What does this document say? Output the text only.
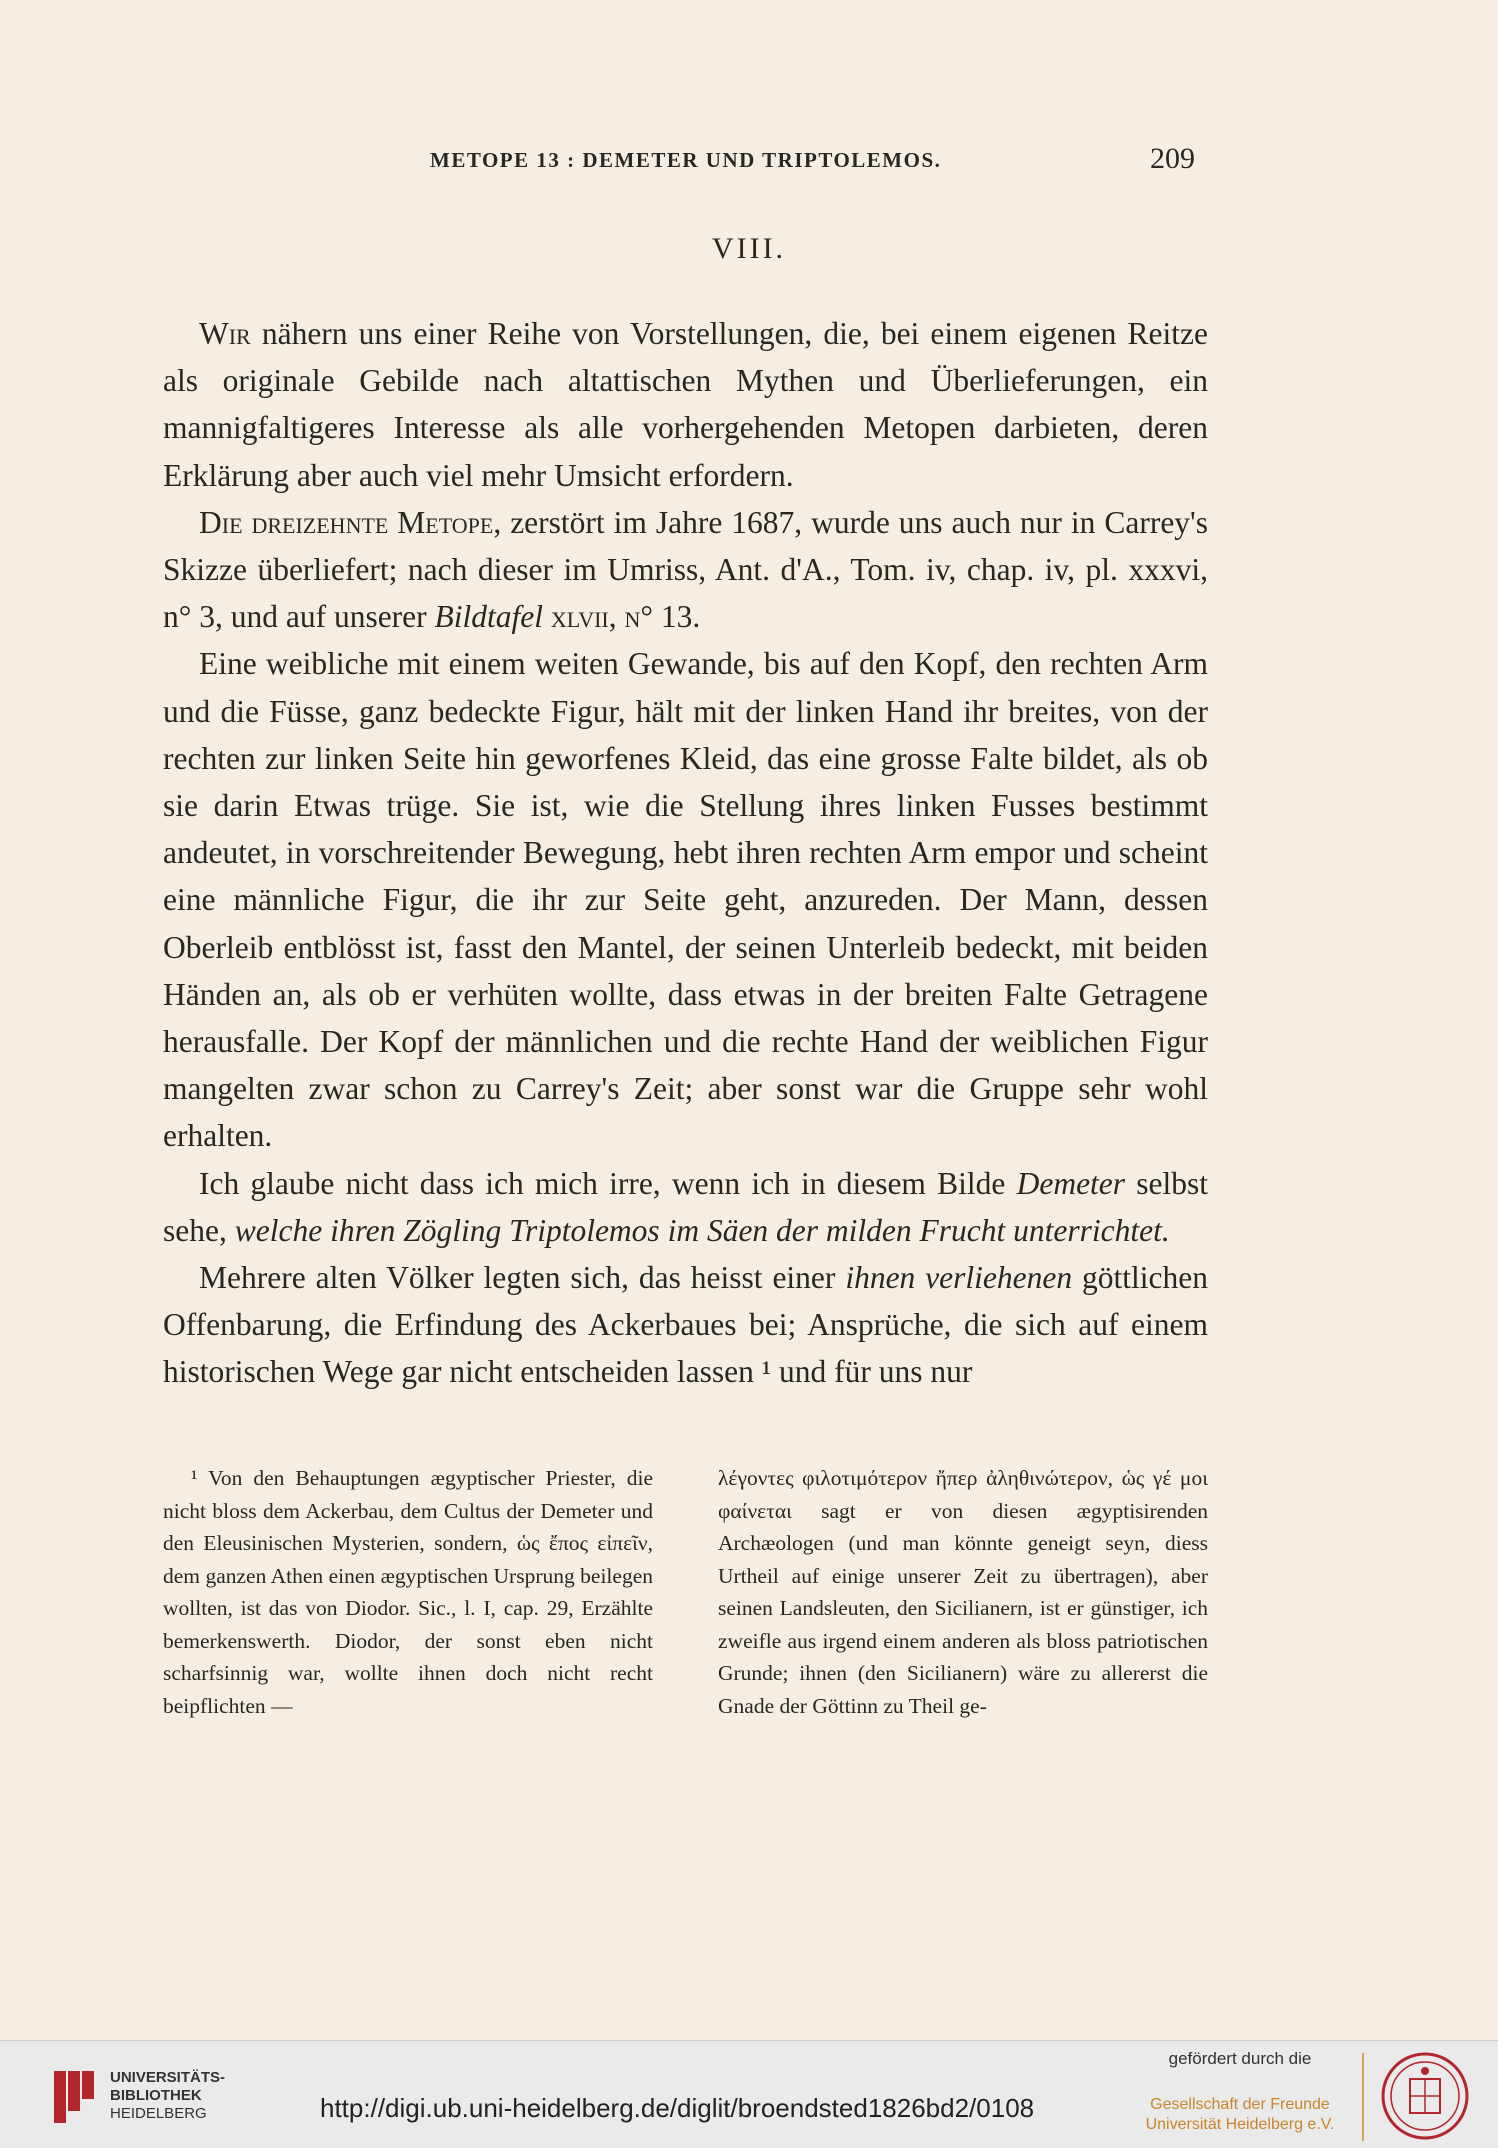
METOPE 13 : DEMETER UND TRIPTOLEMOS.	209
VIII.

Wir nähern uns einer Reihe von Vorstellungen, die, bei einem eigenen Reitze als originale Gebilde nach altattischen Mythen und Überlieferungen, ein mannigfaltigeres Interesse als alle vorhergehenden Metopen darbieten, deren Erklärung aber auch viel mehr Umsicht erfordern.

Die dreizehnte Metope, zerstört im Jahre 1687, wurde uns auch nur in Carrey's Skizze überliefert; nach dieser im Umriss, Ant. d'A., Tom. iv, chap. iv, pl. xxxvi, n° 3, und auf unserer Bildtafel xlvii, n° 13.

Eine weibliche mit einem weiten Gewande, bis auf den Kopf, den rechten Arm und die Füsse, ganz bedeckte Figur, hält mit der linken Hand ihr breites, von der rechten zur linken Seite hin geworfenes Kleid, das eine grosse Falte bildet, als ob sie darin Etwas trüge. Sie ist, wie die Stellung ihres linken Fusses bestimmt andeutet, in vorschreitender Bewegung, hebt ihren rechten Arm empor und scheint eine männliche Figur, die ihr zur Seite geht, anzureden. Der Mann, dessen Oberleib entblösst ist, fasst den Mantel, der seinen Unterleib bedeckt, mit beiden Händen an, als ob er verhüten wollte, dass etwas in der breiten Falte Getragene herausfalle. Der Kopf der männlichen und die rechte Hand der weiblichen Figur mangelten zwar schon zu Carrey's Zeit; aber sonst war die Gruppe sehr wohl erhalten.

Ich glaube nicht dass ich mich irre, wenn ich in diesem Bilde Demeter selbst sehe, welche ihren Zögling Triptolemos im Säen der milden Frucht unterrichtet.

Mehrere alten Völker legten sich, das heisst einer ihnen verliehenen göttlichen Offenbarung, die Erfindung des Ackerbaues bei; Ansprüche, die sich auf einem historischen Wege gar nicht entscheiden lassen ¹ und für uns nur

¹ Von den Behauptungen ægyptischer Priester, die nicht bloss dem Ackerbau, dem Cultus der Demeter und den Eleusinischen Mysterien, sondern, ὡς ἔπος εἰπεῖν, dem ganzen Athen einen ægyptischen Ursprung beilegen wollten, ist das von Diodor. Sic., l. I, cap. 29, Erzählte bemerkenswerth. Diodor, der sonst eben nicht scharfsinnig war, wollte ihnen doch nicht recht beipflichten —

λέγοντες φιλοτιμότερον ἤπερ ἀληθινώτερον, ὡς γέ μοι φαίνεται sagt er von diesen ægyptisirenden Archæologen (und man könnte geneigt seyn, diess Urtheil auf einige unserer Zeit zu übertragen), aber seinen Landsleuten, den Sicilianern, ist er günstiger, ich zweifle aus irgend einem anderen als bloss patriotischen Grunde; ihnen (den Sicilianern) wäre zu allererst die Gnade der Göttinn zu Theil ge-

UNIVERSITÄTS-
BIBLIOTHEK
HEIDELBERG	http://digi.ub.uni-heidelberg.de/diglit/broendsted1826bd2/0108
gefördert durch die
Gesellschaft der Freunde
Universität Heidelberg e.V.
